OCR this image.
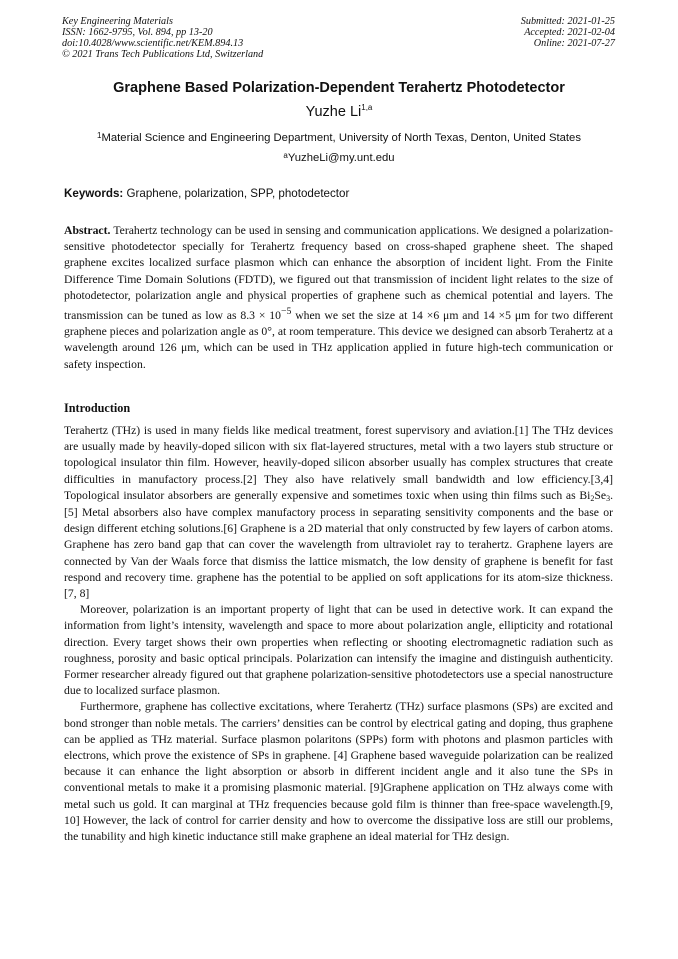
Key Engineering Materials
ISSN: 1662-9795, Vol. 894, pp 13-20
doi:10.4028/www.scientific.net/KEM.894.13
© 2021 Trans Tech Publications Ltd, Switzerland
Submitted: 2021-01-25
Accepted: 2021-02-04
Online: 2021-07-27
Graphene Based Polarization-Dependent Terahertz Photodetector
Yuzhe Li$^{1,a}$
$^1$Material Science and Engineering Department, University of North Texas, Denton, United States
$^a$YuzheLi@my.unt.edu
Keywords: Graphene, polarization, SPP, photodetector
Abstract. Terahertz technology can be used in sensing and communication applications. We designed a polarization-sensitive photodetector specially for Terahertz frequency based on cross-shaped graphene sheet. The shaped graphene excites localized surface plasmon which can enhance the absorption of incident light. From the Finite Difference Time Domain Solutions (FDTD), we figured out that transmission of incident light relates to the size of photodetector, polarization angle and physical properties of graphene such as chemical potential and layers. The transmission can be tuned as low as $8.3 \times 10^{-5}$ when we set the size at 14 ×6 μm and 14 ×5 μm for two different graphene pieces and polarization angle as 0°, at room temperature. This device we designed can absorb Terahertz at a wavelength around 126 μm, which can be used in THz application applied in future high-tech communication or safety inspection.
Introduction

Terahertz (THz) is used in many fields like medical treatment, forest supervisory and aviation.[1] The THz devices are usually made by heavily-doped silicon with six flat-layered structures, metal with a two layers stub structure or topological insulator thin film. However, heavily-doped silicon absorber usually has complex structures that create difficulties in manufactory process.[2] They also have relatively small bandwidth and low efficiency.[3,4] Topological insulator absorbers are generally expensive and sometimes toxic when using thin films such as $Bi_2Se_3.[5]$ Metal absorbers also have complex manufactory process in separating sensitivity components and the base or design different etching solutions.[6] Graphene is a 2D material that only constructed by few layers of carbon atoms. Graphene has zero band gap that can cover the wavelength from ultraviolet ray to terahertz. Graphene layers are connected by Van der Waals force that dismiss the lattice mismatch, the low density of graphene is benefit for fast respond and recovery time. graphene has the potential to be applied on soft applications for its atom-size thickness.[7, 8]

Moreover, polarization is an important property of light that can be used in detective work. It can expand the information from light’s intensity, wavelength and space to more about polarization angle, ellipticity and rotational direction. Every target shows their own properties when reflecting or shooting electromagnetic radiation such as roughness, porosity and basic optical principals. Polarization can intensify the imagine and distinguish authenticity. Former researcher already figured out that graphene polarization-sensitive photodetectors use a special nanostructure due to localized surface plasmon.

Furthermore, graphene has collective excitations, where Terahertz (THz) surface plasmons (SPs) are excited and bond stronger than noble metals. The carriers’ densities can be control by electrical gating and doping, thus graphene can be applied as THz material. Surface plasmon polaritons (SPPs) form with photons and plasmon particles with electrons, which prove the existence of SPs in graphene. [4] Graphene based waveguide polarization can be realized because it can enhance the light absorption or absorb in different incident angle and it also tune the SPs in conventional metals to make it a promising plasmonic material. [9]Graphene application on THz always come with metal such us gold. It can marginal at THz frequencies because gold film is thinner than free-space wavelength.[9, 10] However, the lack of control for carrier density and how to overcome the dissipative loss are still our problems, the tunability and high kinetic inductance still make graphene an ideal material for THz design.
